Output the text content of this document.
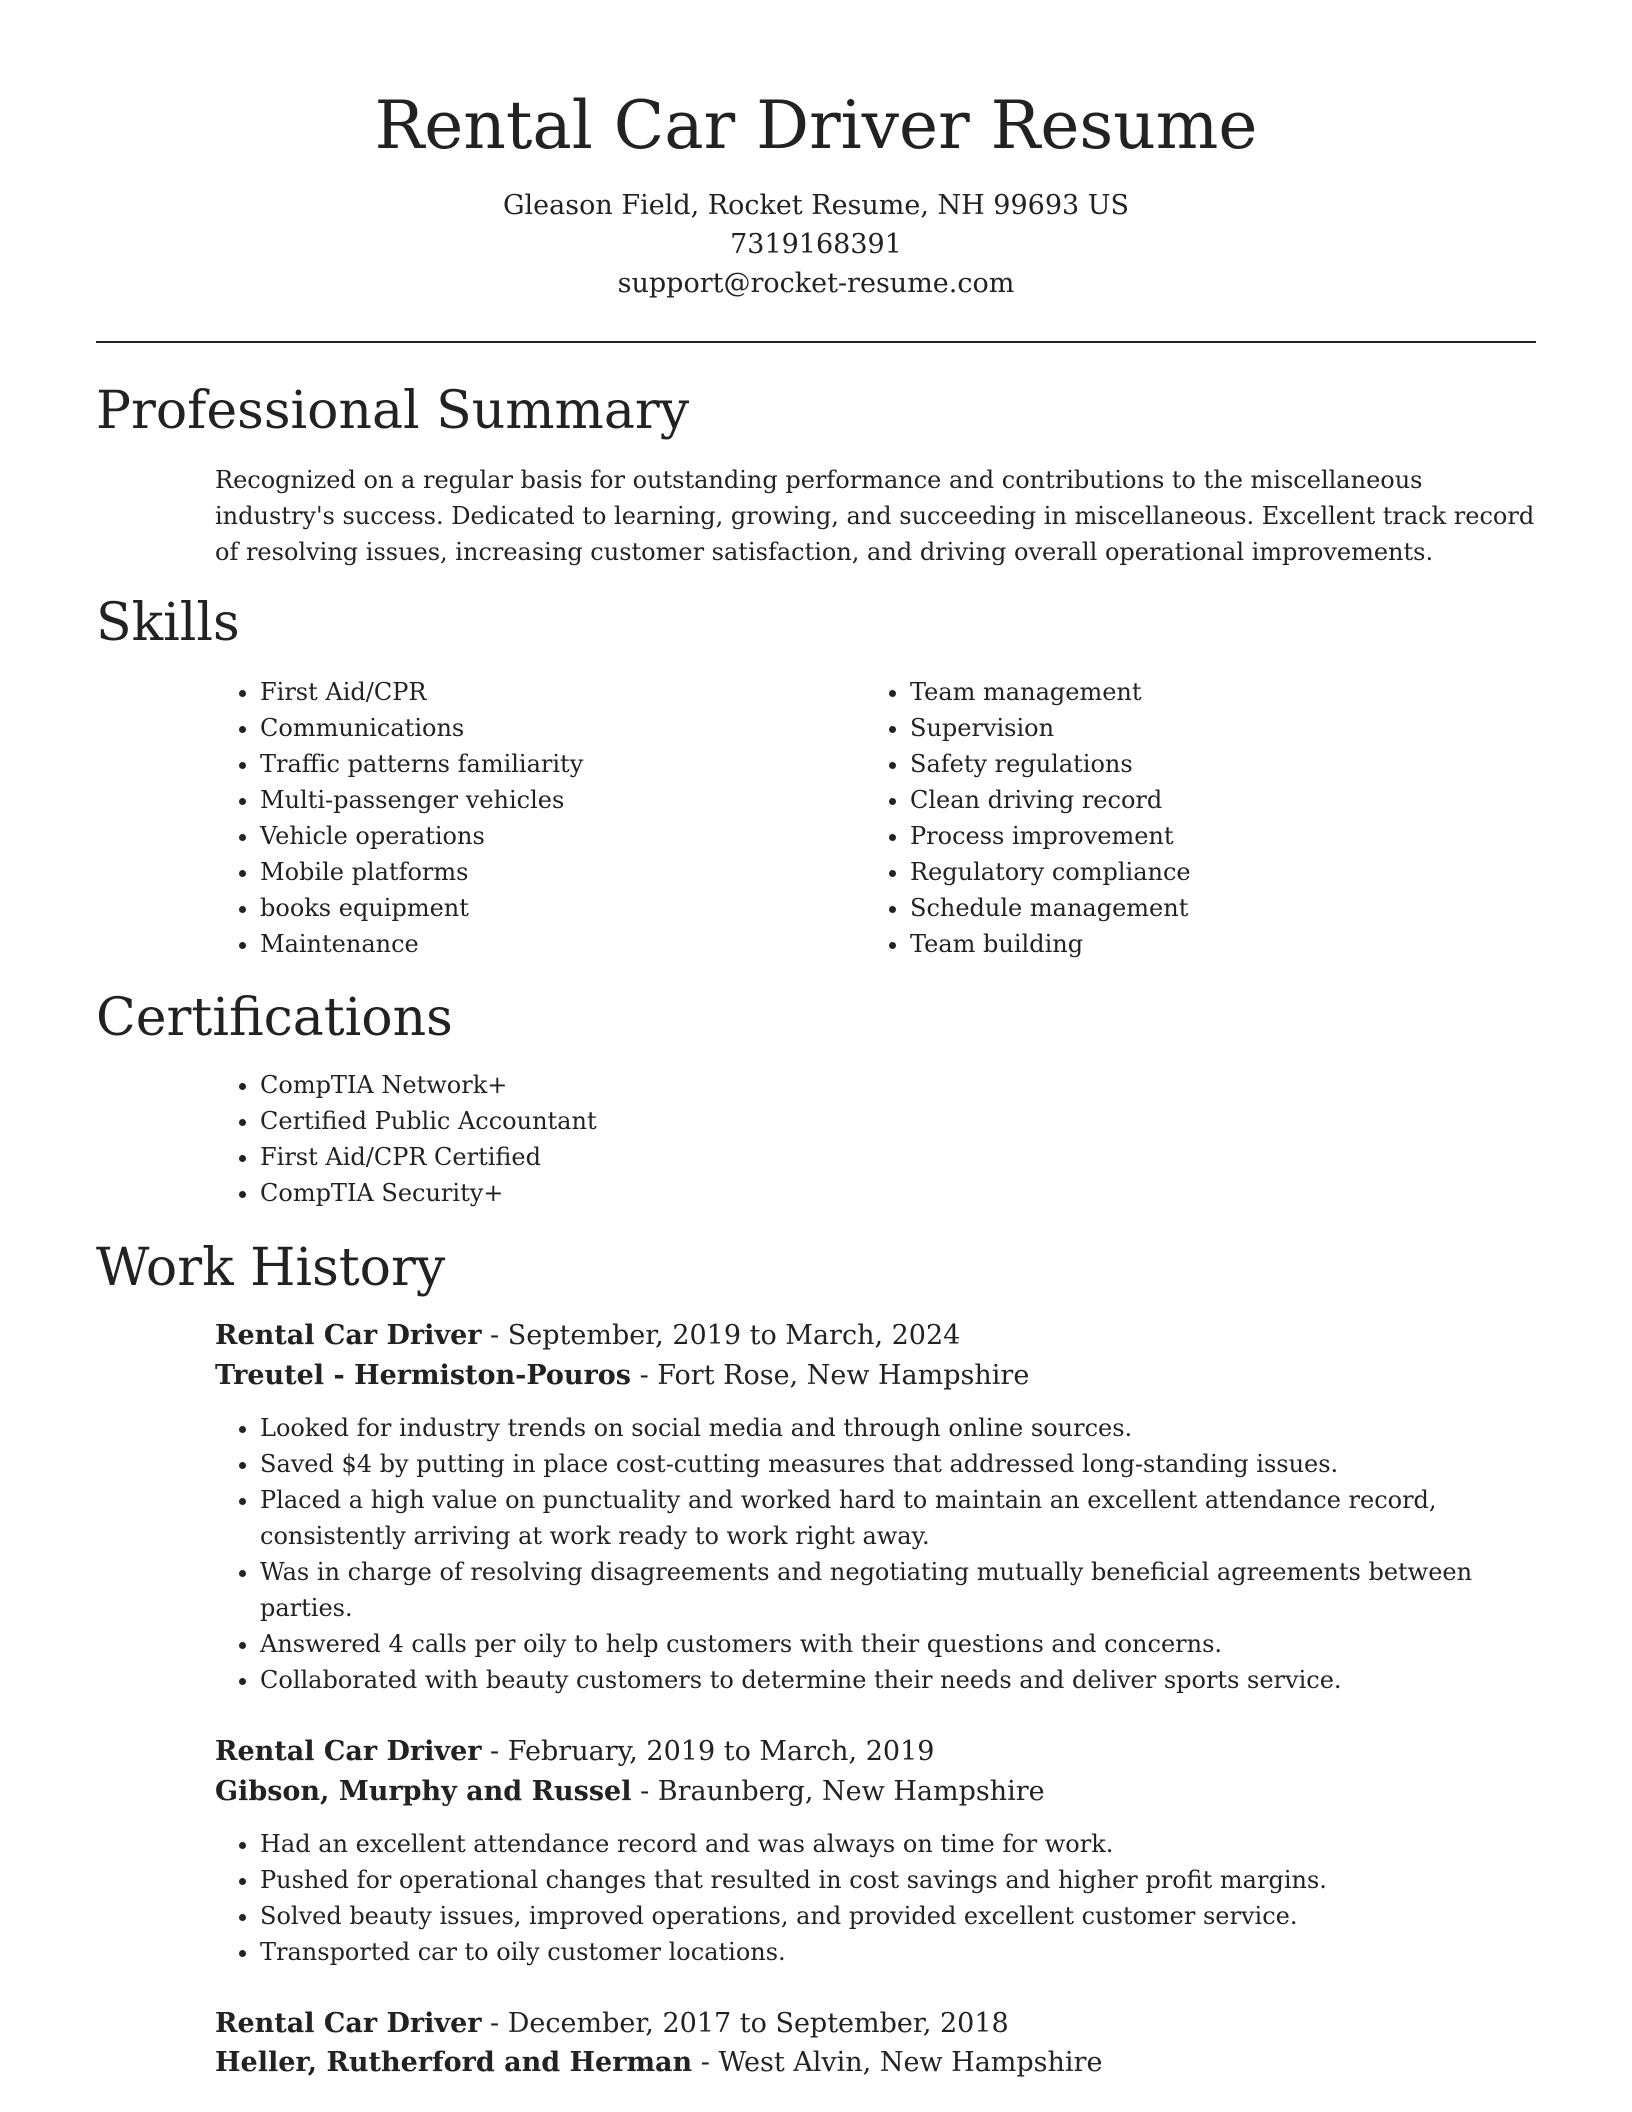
Rental Car Driver Resume
Gleason Field, Rocket Resume, NH 99693 US
7319168391
support@rocket-resume.com
Professional Summary

Recognized on a regular basis for outstanding performance and contributions to the miscellaneous industry's success. Dedicated to learning, growing, and succeeding in miscellaneous. Excellent track record of resolving issues, increasing customer satisfaction, and driving overall operational improvements.

Skills
• First Aid/CPR
• Communications
• Traffic patterns familiarity
• Multi-passenger vehicles
• Vehicle operations
• Mobile platforms
• books equipment
• Maintenance
• Team management
• Supervision
• Safety regulations
• Clean driving record
• Process improvement
• Regulatory compliance
• Schedule management
• Team building
Certifications
• CompTIA Network+
• Certified Public Accountant
• First Aid/CPR Certified
• CompTIA Security+
Work History
Rental Car Driver - September, 2019 to March, 2024
Treutel - Hermiston-Pouros - Fort Rose, New Hampshire
• Looked for industry trends on social media and through online sources.
• Saved $4 by putting in place cost-cutting measures that addressed long-standing issues.
• Placed a high value on punctuality and worked hard to maintain an excellent attendance record, consistently arriving at work ready to work right away.
• Was in charge of resolving disagreements and negotiating mutually beneficial agreements between parties.
• Answered 4 calls per oily to help customers with their questions and concerns.
• Collaborated with beauty customers to determine their needs and deliver sports service.
Rental Car Driver - February, 2019 to March, 2019
Gibson, Murphy and Russel - Braunberg, New Hampshire
• Had an excellent attendance record and was always on time for work.
• Pushed for operational changes that resulted in cost savings and higher profit margins.
• Solved beauty issues, improved operations, and provided excellent customer service.
• Transported car to oily customer locations.
Rental Car Driver - December, 2017 to September, 2018
Heller, Rutherford and Herman - West Alvin, New Hampshire
